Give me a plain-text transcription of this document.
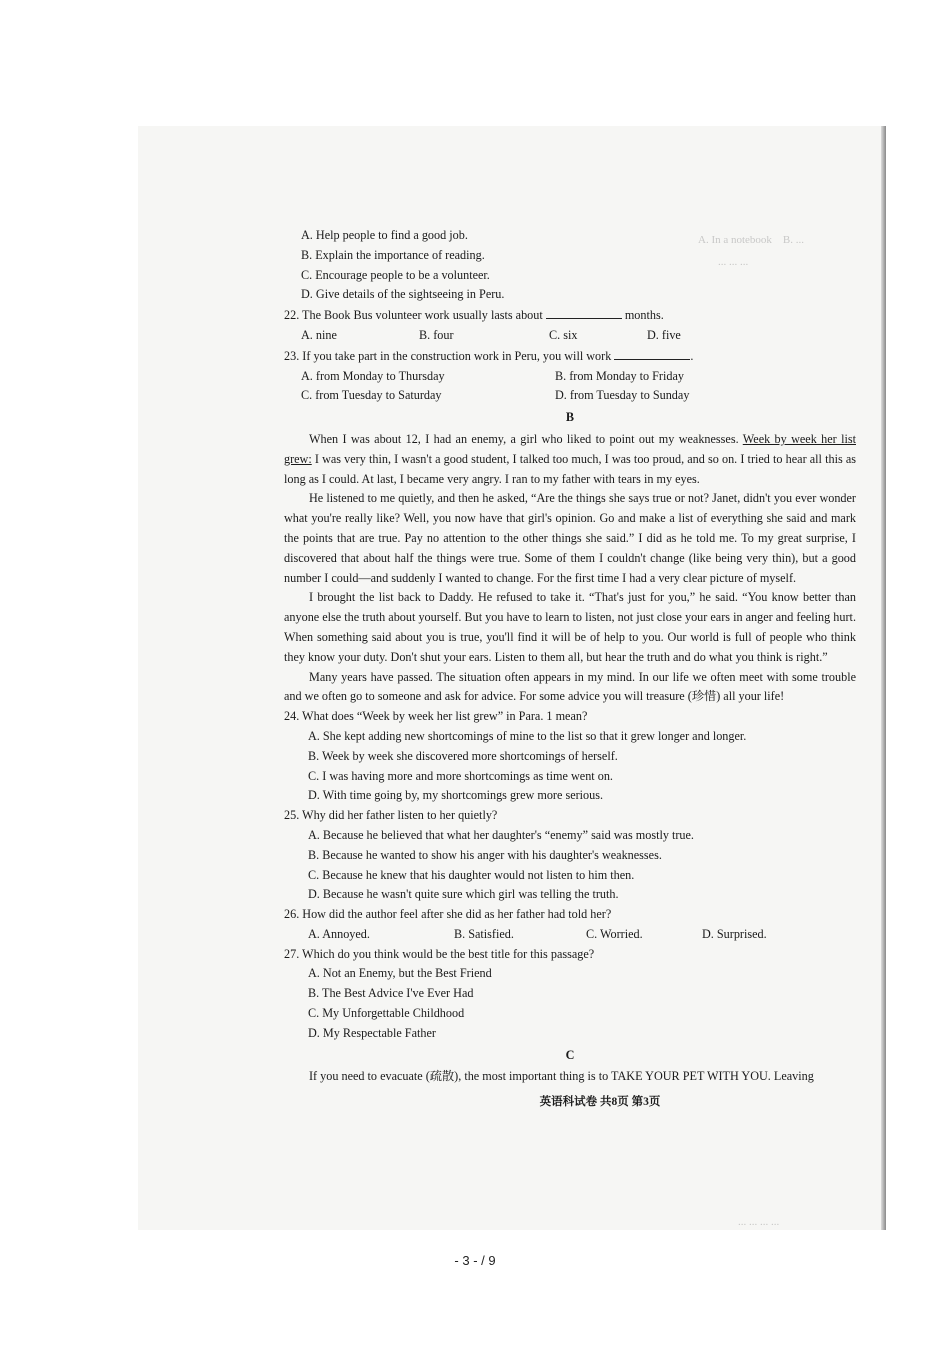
A. In a notebook    B. ...
... ... ...
... ... ... ...
A. Help people to find a good job.
B. Explain the importance of reading.
C. Encourage people to be a volunteer.
D. Give details of the sightseeing in Peru.
22. The Book Bus volunteer work usually lasts about	months.
A. nine	B. four	C. six	D. five
23. If you take part in the construction work in Peru, you will work	.
A. from Monday to Thursday	B. from Monday to Friday
C. from Tuesday to Saturday	D. from Tuesday to Sunday
B

When I was about 12, I had an enemy, a girl who liked to point out my weaknesses. Week by week her list grew: I was very thin, I wasn't a good student, I talked too much, I was too proud, and so on. I tried to hear all this as long as I could. At last, I became very angry. I ran to my father with tears in my eyes.

He listened to me quietly, and then he asked, “Are the things she says true or not? Janet, didn't you ever wonder what you're really like? Well, you now have that girl's opinion. Go and make a list of everything she said and mark the points that are true. Pay no attention to the other things she said.” I did as he told me. To my great surprise, I discovered that about half the things were true. Some of them I couldn't change (like being very thin), but a good number I could—and suddenly I wanted to change. For the first time I had a very clear picture of myself.

I brought the list back to Daddy. He refused to take it. “That's just for you,” he said. “You know better than anyone else the truth about yourself. But you have to learn to listen, not just close your ears in anger and feeling hurt. When something said about you is true, you'll find it will be of help to you. Our world is full of people who think they know your duty. Don't shut your ears. Listen to them all, but hear the truth and do what you think is right.”

Many years have passed. The situation often appears in my mind. In our life we often meet with some trouble and we often go to someone and ask for advice. For some advice you will treasure (珍惜) all your life!

24. What does “Week by week her list grew” in Para. 1 mean?
A. She kept adding new shortcomings of mine to the list so that it grew longer and longer.
B. Week by week she discovered more shortcomings of herself.
C. I was having more and more shortcomings as time went on.
D. With time going by, my shortcomings grew more serious.
25. Why did her father listen to her quietly?
A. Because he believed that what her daughter's “enemy” said was mostly true.
B. Because he wanted to show his anger with his daughter's weaknesses.
C. Because he knew that his daughter would not listen to him then.
D. Because he wasn't quite sure which girl was telling the truth.
26. How did the author feel after she did as her father had told her?
A. Annoyed.	B. Satisfied.	C. Worried.	D. Surprised.
27. Which do you think would be the best title for this passage?
A. Not an Enemy, but the Best Friend
B. The Best Advice I've Ever Had
C. My Unforgettable Childhood
D. My Respectable Father
C

If you need to evacuate (疏散), the most important thing is to TAKE YOUR PET WITH YOU. Leaving

英语科试卷 共8页 第3页
- 3 - / 9
